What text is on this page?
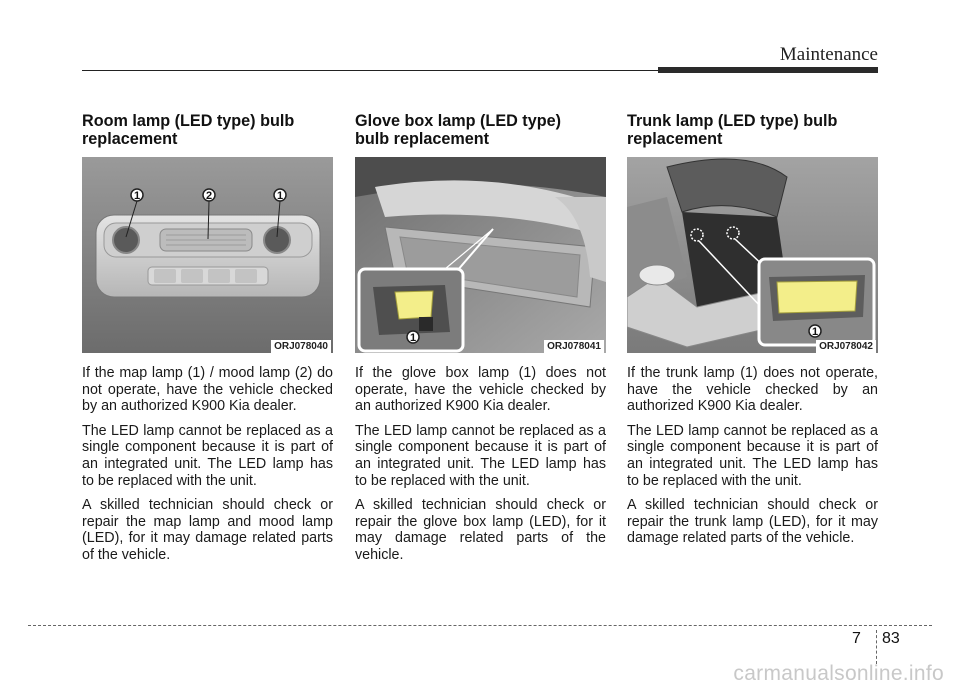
Maintenance
Room lamp (LED type) bulb
replacement
1	2	1
ORJ078040

If the map lamp (1) / mood lamp (2) do not operate, have the vehicle checked by an authorized K900 Kia dealer.

The LED lamp cannot be replaced as a single component because it is part of an integrated unit. The LED lamp has to be replaced with the unit.

A skilled technician should check or repair the map lamp and mood lamp (LED), for it may damage related parts of the vehicle.

Glove box lamp (LED type)
bulb replacement
1
ORJ078041

If the glove box lamp (1) does not operate, have the vehicle checked by an authorized K900 Kia dealer.

The LED lamp cannot be replaced as a single component because it is part of an integrated unit. The LED lamp has to be replaced with the unit.

A skilled technician should check or repair the glove box lamp (LED), for it may damage related parts of the vehicle.

Trunk lamp (LED type) bulb
replacement
1
ORJ078042

If the trunk lamp (1) does not operate, have the vehicle checked by an authorized K900 Kia dealer.

The LED lamp cannot be replaced as a single component because it is part of an integrated unit. The LED lamp has to be replaced with the unit.

A skilled technician should check or repair the trunk lamp (LED), for it may damage related parts of the vehicle.

7 83
carmanualsonline.info
